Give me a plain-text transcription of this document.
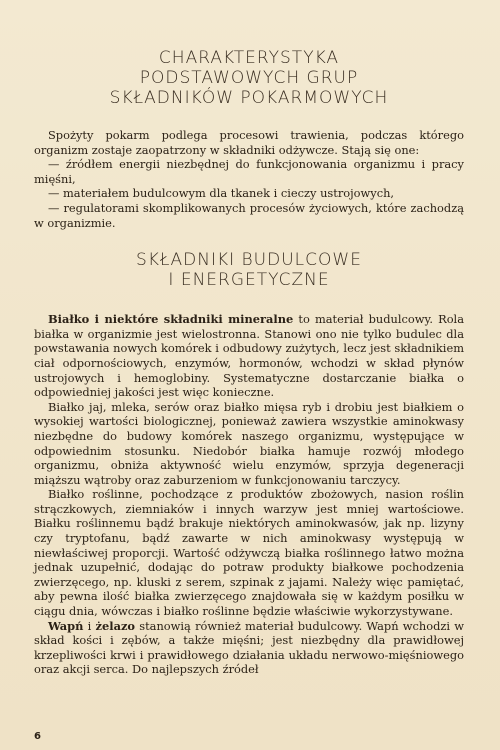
CHARAKTERYSTYKA
PODSTAWOWYCH GRUP
SKŁADNIKÓW POKARMOWYCH

Spożyty pokarm podlega procesowi trawienia, podczas którego organizm zostaje zaopatrzony w składniki odżywcze. Stają się one:

— źródłem energii niezbędnej do funkcjonowania organizmu i pracy mięśni,

— materiałem budulcowym dla tkanek i cieczy ustrojowych,

— regulatorami skomplikowanych procesów życiowych, które zachodzą w organizmie.

SKŁADNIKI BUDULCOWE
I ENERGETYCZNE

Białko i niektóre składniki mineralne to materiał budulcowy. Rola białka w organizmie jest wielostronna. Stanowi ono nie tylko budulec dla powstawania nowych komórek i odbudowy zużytych, lecz jest składnikiem ciał odpornościowych, enzymów, hormonów, wchodzi w skład płynów ustrojowych i hemoglobiny. Systematyczne dostarczanie białka o odpowiedniej jakości jest więc konieczne.

Białko jaj, mleka, serów oraz białko mięsa ryb i drobiu jest białkiem o wysokiej wartości biologicznej, ponieważ zawiera wszystkie aminokwasy niezbędne do budowy komórek naszego organizmu, występujące w odpowiednim stosunku. Niedobór białka hamuje rozwój młodego organizmu, obniża aktywność wielu enzymów, sprzyja degeneracji miąższu wątroby oraz zaburzeniom w funkcjonowaniu tarczycy.

Białko roślinne, pochodzące z produktów zbożowych, nasion roślin strączkowych, ziemniaków i innych warzyw jest mniej wartościowe. Białku roślinnemu bądź brakuje niektórych aminokwasów, jak np. lizyny czy tryptofanu, bądź zawarte w nich aminokwasy występują w niewłaściwej proporcji. Wartość odżywczą białka roślinnego łatwo można jednak uzupełnić, dodając do potraw produkty białkowe pochodzenia zwierzęcego, np. kluski z serem, szpinak z jajami. Należy więc pamiętać, aby pewna ilość białka zwierzęcego znajdowała się w każdym posiłku w ciągu dnia, wówczas i białko roślinne będzie właściwie wykorzystywane.

Wapń i żelazo stanowią również materiał budulcowy. Wapń wchodzi w skład kości i zębów, a także mięśni; jest niezbędny dla prawidłowej krzepliwości krwi i prawidłowego działania układu nerwowo-mięśniowego oraz akcji serca. Do najlepszych źródeł

6
